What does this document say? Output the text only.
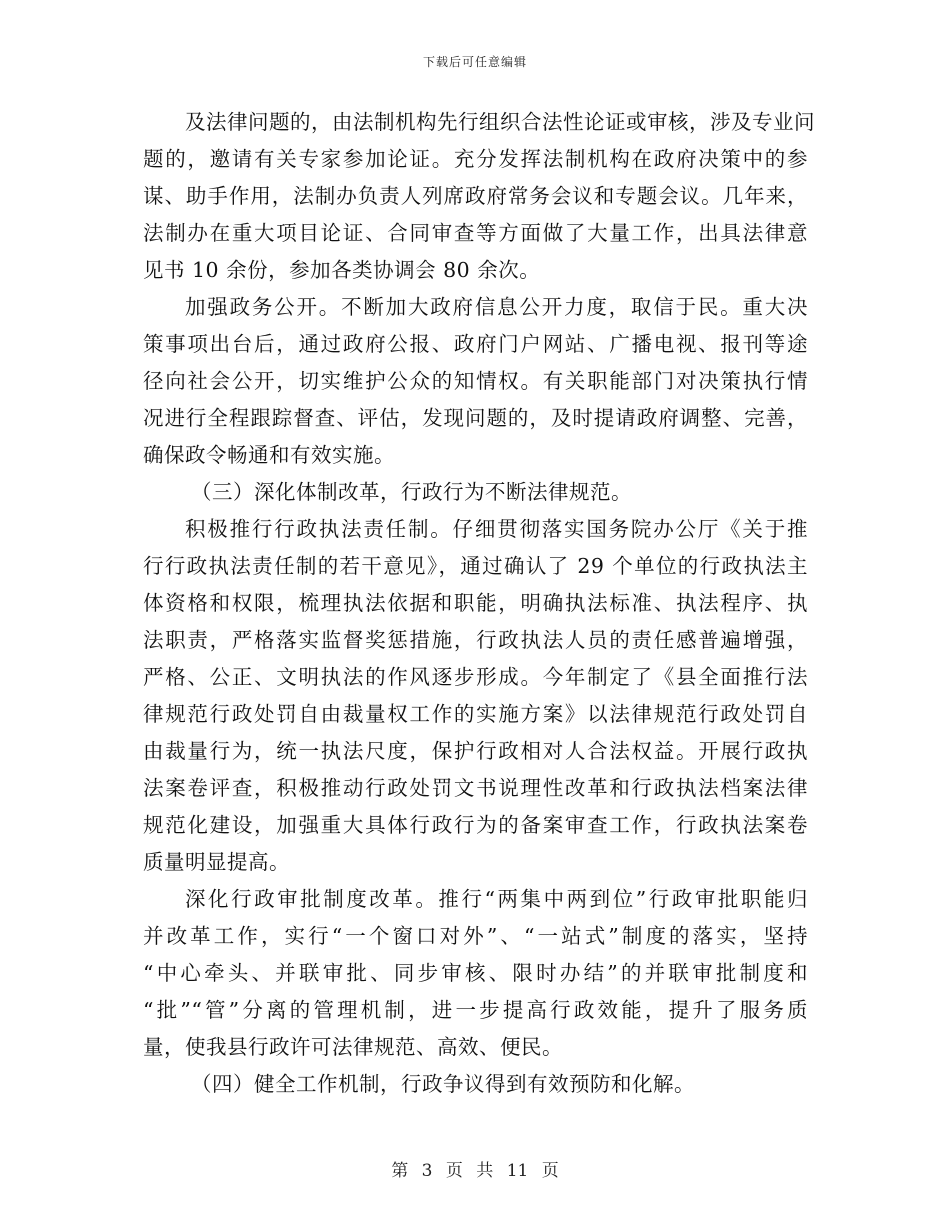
下载后可任意编辑
及法律问题的，由法制机构先行组织合法性论证或审核，涉及专业问
题的，邀请有关专家参加论证。充分发挥法制机构在政府决策中的参
谋、助手作用，法制办负责人列席政府常务会议和专题会议。几年来，
法制办在重大项目论证、合同审查等方面做了大量工作，出具法律意
见书 10 余份，参加各类协调会 80 余次。
加强政务公开。不断加大政府信息公开力度，取信于民。重大决
策事项出台后，通过政府公报、政府门户网站、广播电视、报刊等途
径向社会公开，切实维护公众的知情权。有关职能部门对决策执行情
况进行全程跟踪督查、评估，发现问题的，及时提请政府调整、完善，
确保政令畅通和有效实施。
（三）深化体制改革，行政行为不断法律规范。
积极推行行政执法责任制。仔细贯彻落实国务院办公厅《关于推
行行政执法责任制的若干意见》，通过确认了 29 个单位的行政执法主
体资格和权限，梳理执法依据和职能，明确执法标准、执法程序、执
法职责，严格落实监督奖惩措施，行政执法人员的责任感普遍增强，
严格、公正、文明执法的作风逐步形成。今年制定了《县全面推行法
律规范行政处罚自由裁量权工作的实施方案》以法律规范行政处罚自
由裁量行为，统一执法尺度，保护行政相对人合法权益。开展行政执
法案卷评查，积极推动行政处罚文书说理性改革和行政执法档案法律
规范化建设，加强重大具体行政行为的备案审查工作，行政执法案卷
质量明显提高。
深化行政审批制度改革。推行“两集中两到位”行政审批职能归
并改革工作，实行“一个窗口对外”、“一站式”制度的落实，坚持
“中心牵头、并联审批、同步审核、限时办结”的并联审批制度和
“批”“管”分离的管理机制，进一步提高行政效能，提升了服务质
量，使我县行政许可法律规范、高效、便民。
（四）健全工作机制，行政争议得到有效预防和化解。
第 3 页 共 11 页
